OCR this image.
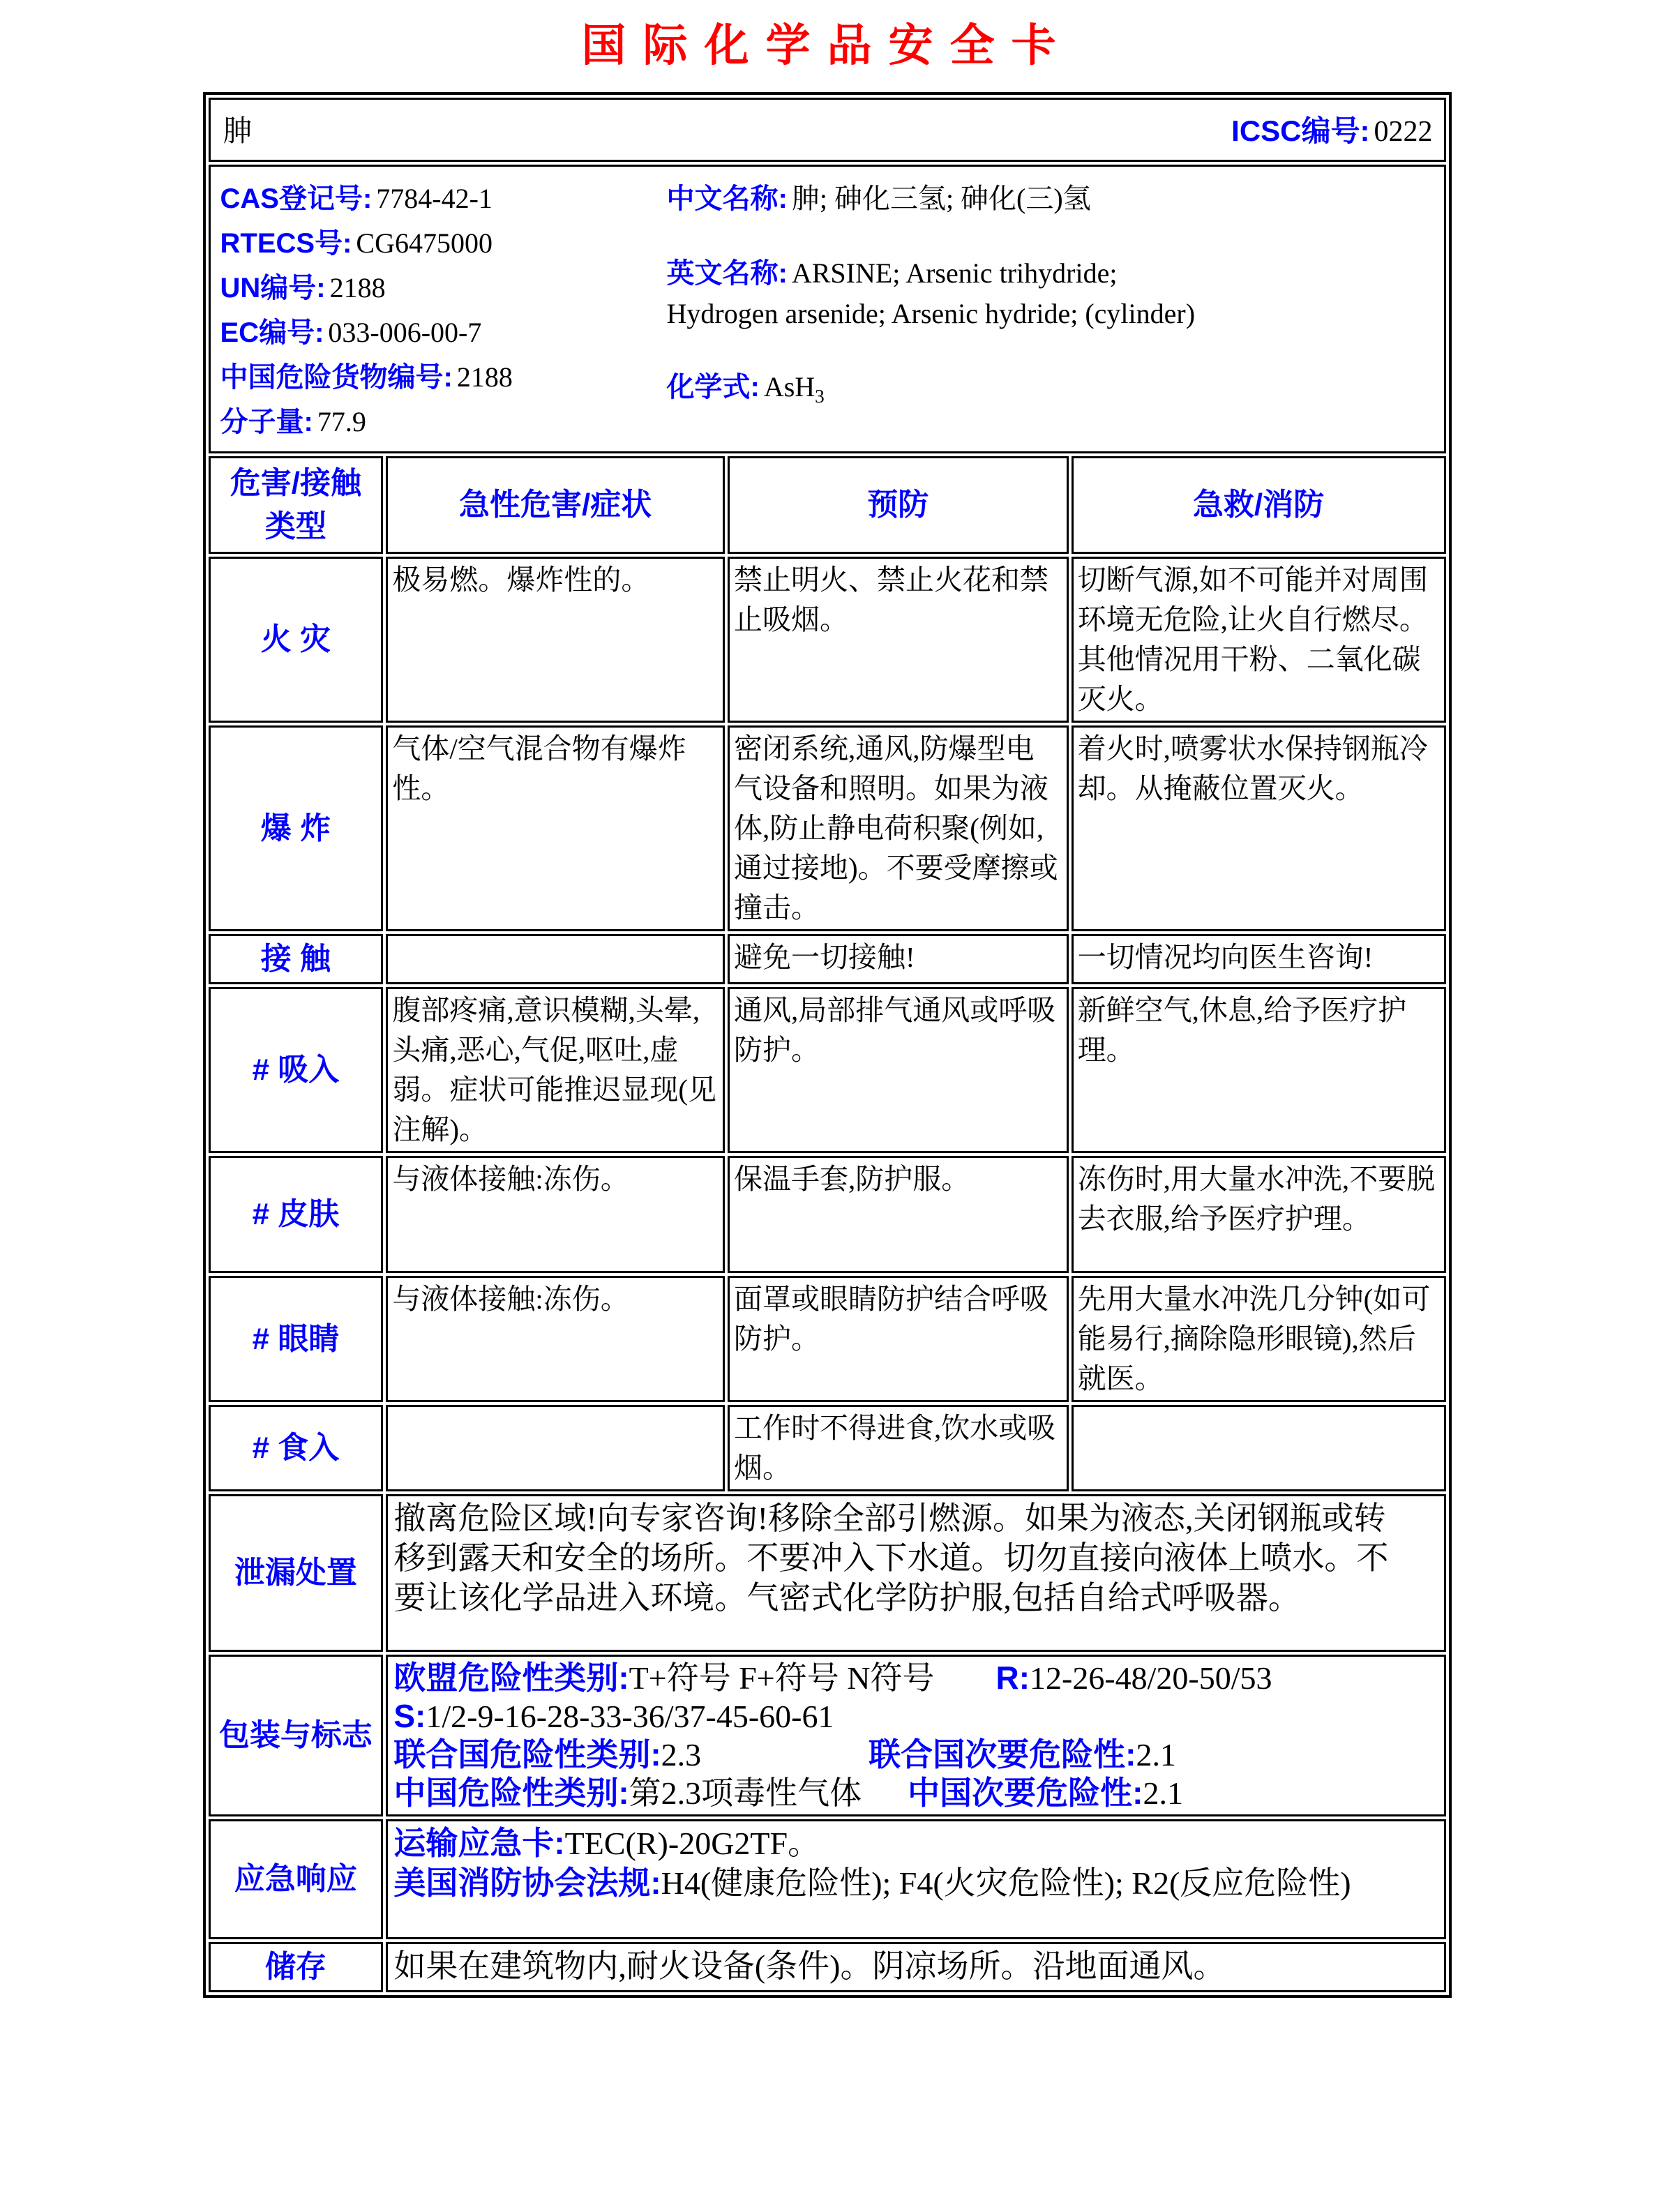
国际化学品安全卡
胂 ICSC编号: 0222			

CAS登记号: 7784-42-1
RTECS号: CG6475000
UN编号: 2188
EC编号: 033-006-00-7
中国危险货物编号: 2188
分子量: 77.9
中文名称: 胂; 砷化三氢; 砷化(三)氢
英文名称: ARSINE; Arsenic trihydride; Hydrogen arsenide; Arsenic hydride; (cylinder)
化学式: AsH$_3$

危害/接触
类型	急性危害/症状	预防	急救/消防
火 灾	极易燃。爆炸性的。	禁止明火、禁止火花和禁止吸烟。	切断气源,如不可能并对周围环境无危险,让火自行燃尽。其他情况用干粉、二氧化碳灭火。
爆 炸	气体/空气混合物有爆炸性。	密闭系统,通风,防爆型电气设备和照明。如果为液体,防止静电荷积聚(例如,通过接地)。不要受摩擦或撞击。	着火时,喷雾状水保持钢瓶冷却。从掩蔽位置灭火。
接 触		避免一切接触!	一切情况均向医生咨询!
# 吸入	腹部疼痛,意识模糊,头晕,头痛,恶心,气促,呕吐,虚弱。症状可能推迟显现(见注解)。	通风,局部排气通风或呼吸防护。	新鲜空气,休息,给予医疗护理。
# 皮肤	与液体接触:冻伤。	保温手套,防护服。	冻伤时,用大量水冲洗,不要脱去衣服,给予医疗护理。
# 眼睛	与液体接触:冻伤。	面罩或眼睛防护结合呼吸防护。	先用大量水冲洗几分钟(如可能易行,摘除隐形眼镜),然后就医。
# 食入		工作时不得进食,饮水或吸烟。	
泄漏处置	撤离危险区域!向专家咨询!移除全部引燃源。如果为液态,关闭钢瓶或转移到露天和安全的场所。不要冲入下水道。切勿直接向液体上喷水。不要让该化学品进入环境。气密式化学防护服,包括自给式呼吸器。		
包装与标志	欧盟危险性类别:T+符号 F+符号 N符号 R:12-26-48/20-50/53
S:1/2-9-16-28-33-36/37-45-60-61
联合国危险性类别:2.3 联合国次要危险性:2.1
中国危险性类别:第2.3项毒性气体 中国次要危险性:2.1		

应急响应	运输应急卡:TEC(R)-20G2TF。
美国消防协会法规:H4(健康危险性); F4(火灾危险性); R2(反应危险性)		
储存	如果在建筑物内,耐火设备(条件)。阴凉场所。沿地面通风。		
